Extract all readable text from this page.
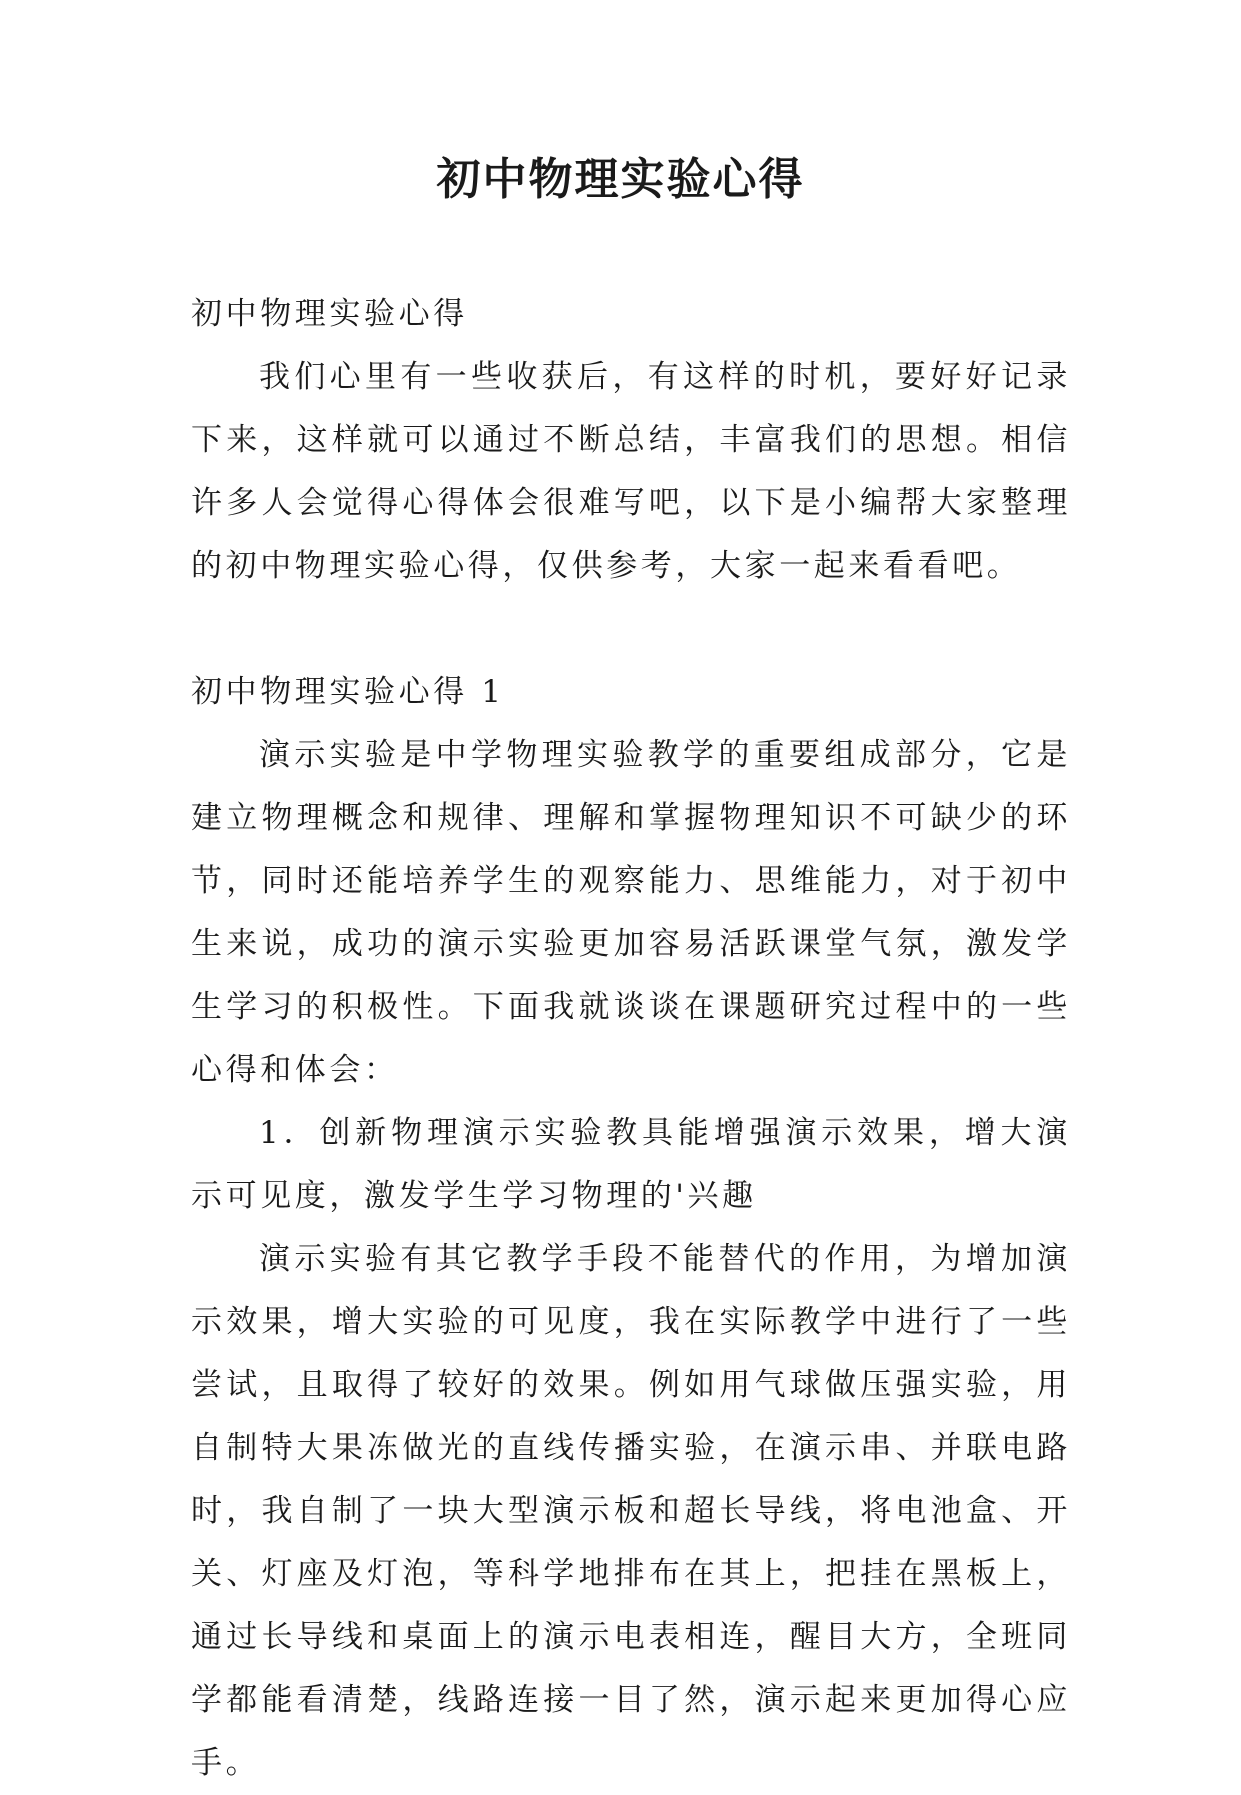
初中物理实验心得

初中物理实验心得

我们心里有一些收获后，有这样的时机，要好好记录下来，这样就可以通过不断总结，丰富我们的思想。相信许多人会觉得心得体会很难写吧，以下是小编帮大家整理的初中物理实验心得，仅供参考，大家一起来看看吧。

初中物理实验心得 1

演示实验是中学物理实验教学的重要组成部分，它是建立物理概念和规律、理解和掌握物理知识不可缺少的环节，同时还能培养学生的观察能力、思维能力，对于初中生来说，成功的演示实验更加容易活跃课堂气氛，激发学生学习的积极性。下面我就谈谈在课题研究过程中的一些心得和体会：

1．创新物理演示实验教具能增强演示效果，增大演示可见度，激发学生学习物理的'兴趣

演示实验有其它教学手段不能替代的作用，为增加演示效果，增大实验的可见度，我在实际教学中进行了一些尝试，且取得了较好的效果。例如用气球做压强实验，用自制特大果冻做光的直线传播实验，在演示串、并联电路时，我自制了一块大型演示板和超长导线，将电池盒、开关、灯座及灯泡，等科学地排布在其上，把挂在黑板上，通过长导线和桌面上的演示电表相连，醒目大方，全班同学都能看清楚，线路连接一目了然，演示起来更加得心应手。
